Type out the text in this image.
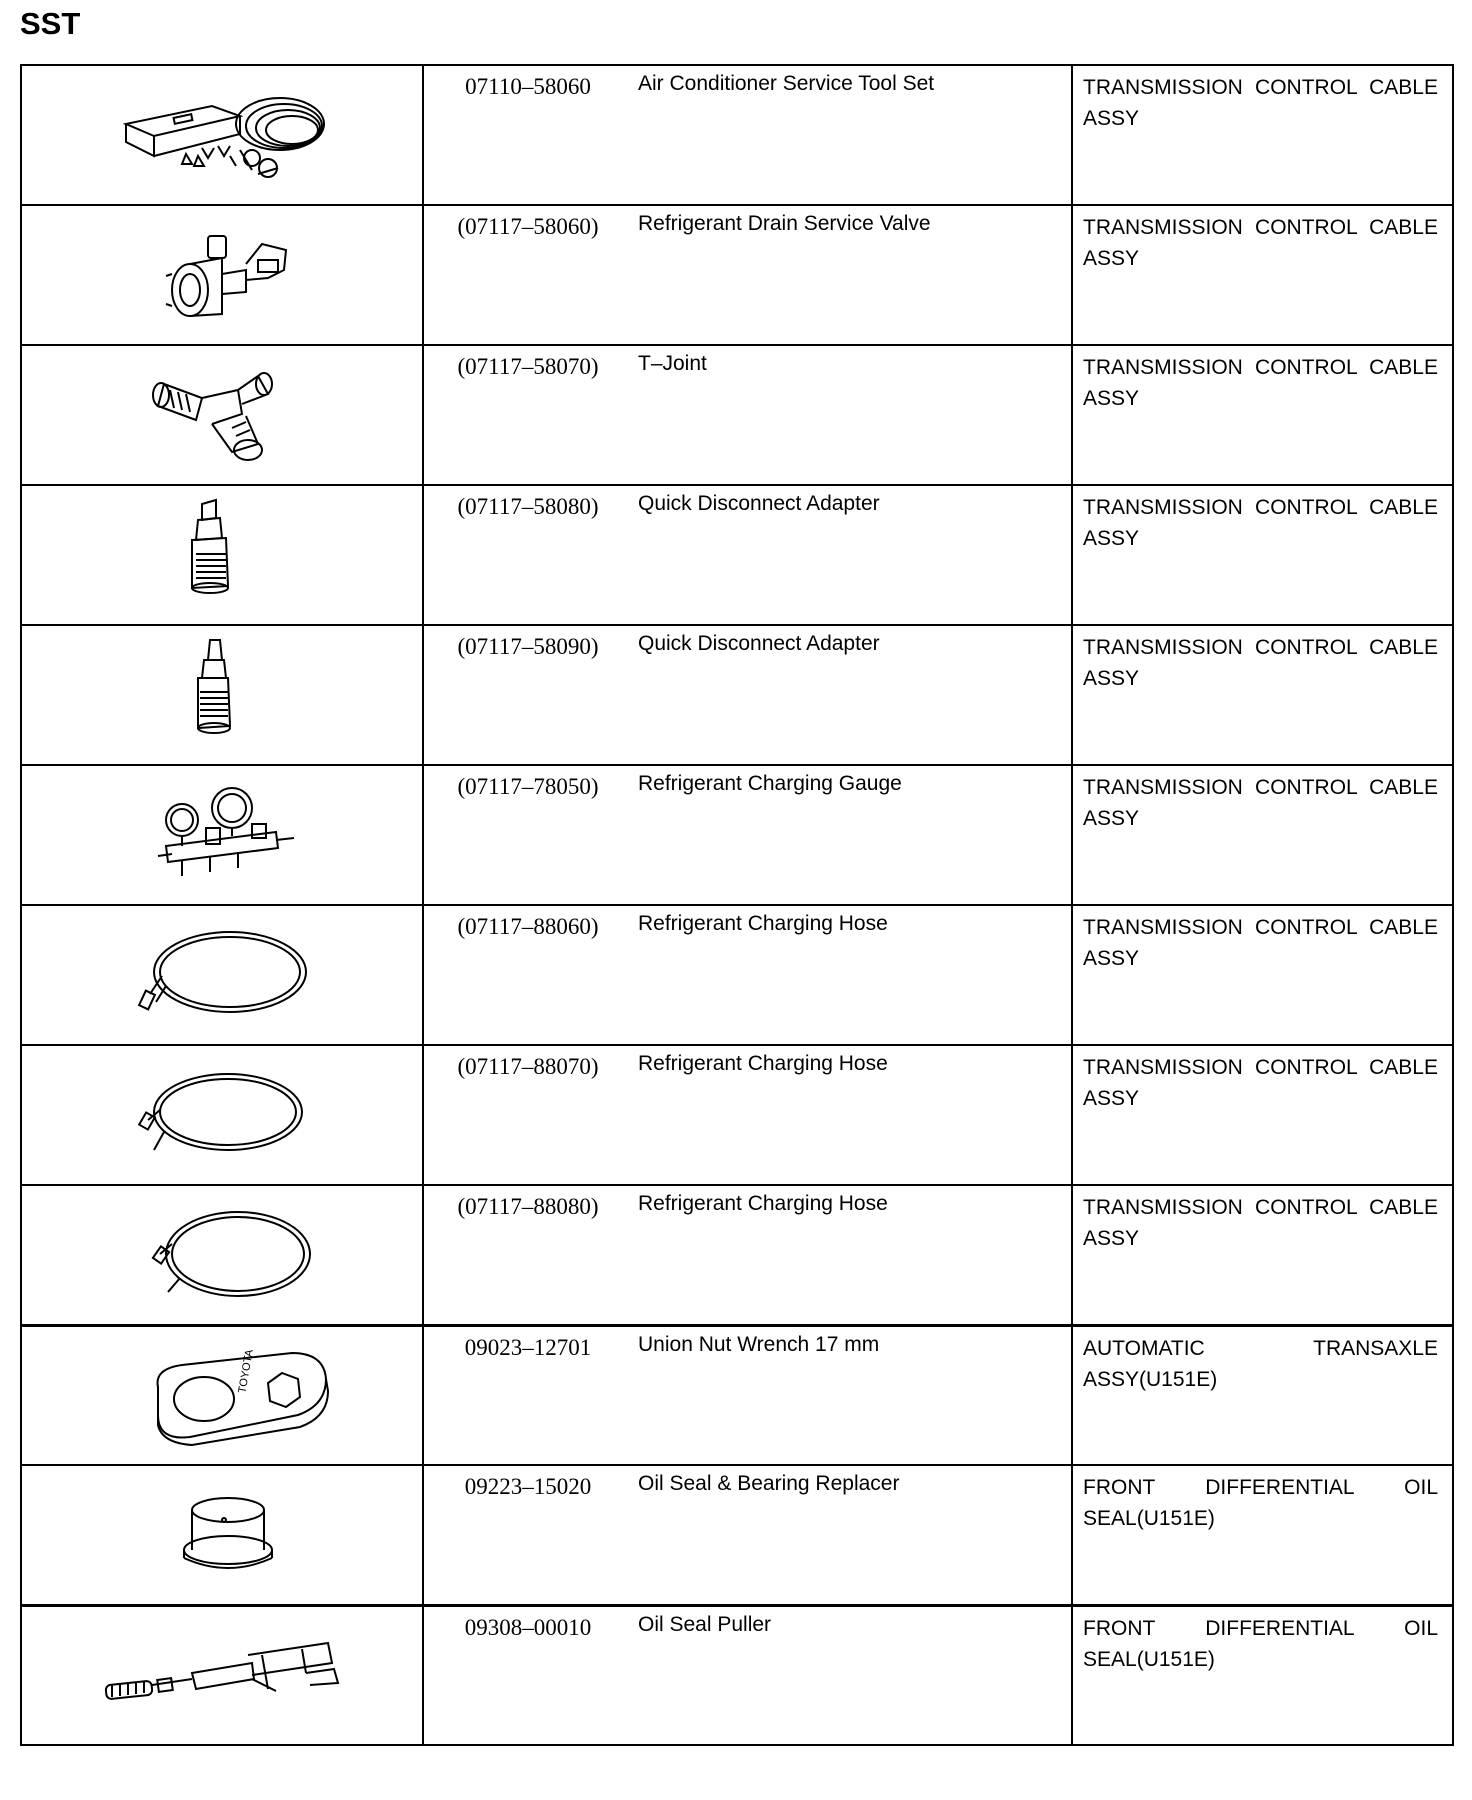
SST

07110–58060 Air Conditioner Service Tool Set	TRANSMISSION CONTROL CABLE ASSY

(07117–58060) Refrigerant Drain Service Valve	TRANSMISSION CONTROL CABLE ASSY

(07117–58070) T–Joint	TRANSMISSION CONTROL CABLE ASSY

(07117–58080) Quick Disconnect Adapter	TRANSMISSION CONTROL CABLE ASSY

(07117–58090) Quick Disconnect Adapter	TRANSMISSION CONTROL CABLE ASSY

(07117–78050) Refrigerant Charging Gauge	TRANSMISSION CONTROL CABLE ASSY

(07117–88060) Refrigerant Charging Hose	TRANSMISSION CONTROL CABLE ASSY

(07117–88070) Refrigerant Charging Hose	TRANSMISSION CONTROL CABLE ASSY

(07117–88080) Refrigerant Charging Hose	TRANSMISSION CONTROL CABLE ASSY

TOYOTA	09023–12701 Union Nut Wrench 17 mm	AUTOMATIC TRANSAXLE ASSY(U151E)

09223–15020 Oil Seal & Bearing Replacer	FRONT DIFFERENTIAL OIL SEAL(U151E)

09308–00010 Oil Seal Puller	FRONT DIFFERENTIAL OIL SEAL(U151E)
